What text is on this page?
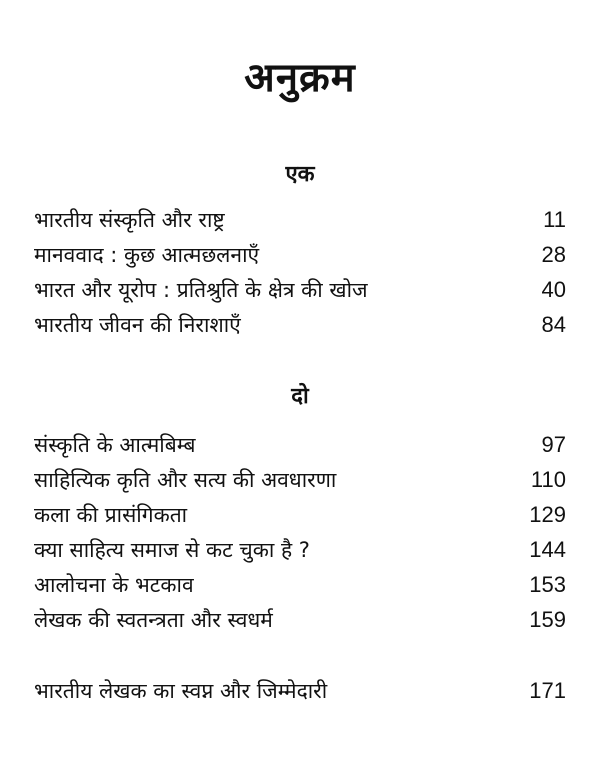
अनुक्रम
एक
भारतीय संस्कृति और राष्ट्र	11
मानववाद : कुछ आत्मछलनाएँ	28
भारत और यूरोप : प्रतिश्रुति के क्षेत्र की खोज	40
भारतीय जीवन की निराशाएँ	84
दो
संस्कृति के आत्मबिम्ब	97
साहित्यिक कृति और सत्य की अवधारणा	110
कला की प्रासंगिकता	129
क्या साहित्य समाज से कट चुका है ?	144
आलोचना के भटकाव	153
लेखक की स्वतन्त्रता और स्वधर्म	159
भारतीय लेखक का स्वप्न और जिम्मेदारी	171
